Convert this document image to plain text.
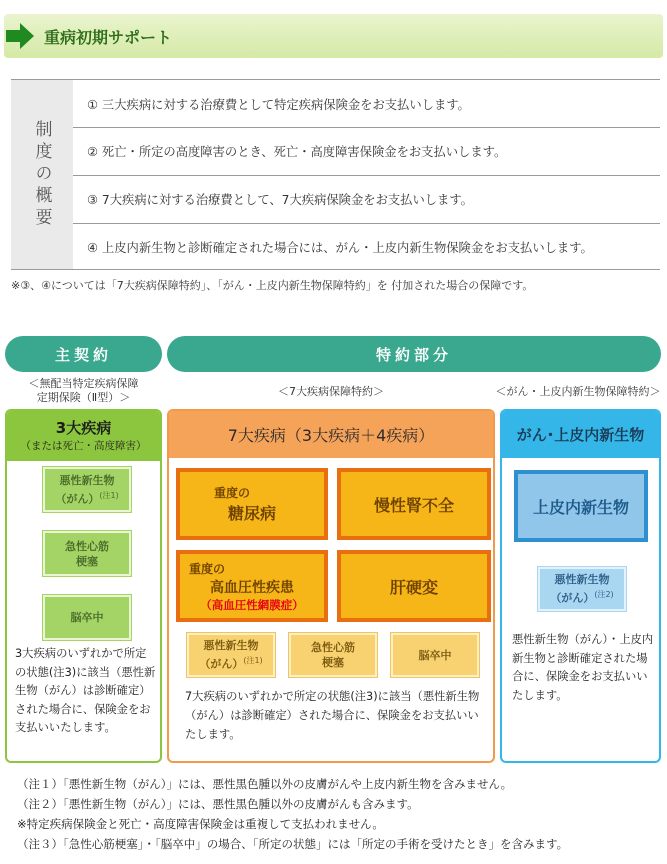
重病初期サポート
制度の概要
① 三大疾病に対する治療費として特定疾病保険金をお支払いします。
② 死亡・所定の高度障害のとき、死亡・高度障害保険金をお支払いします。
③ 7大疾病に対する治療費として、7大疾病保険金をお支払いします。
④ 上皮内新生物と診断確定された場合には、がん・上皮内新生物保険金をお支払いします。
※③、④については「7大疾病保障特約」、「がん・上皮内新生物保障特約」を 付加された場合の保障です。
主契約	特約部分
＜無配当特定疾病保障
定期保険（Ⅱ型）＞	＜7大疾病保障特約＞	＜がん・上皮内新生物保障特約＞
3大疾病
（または死亡・高度障害）
悪性新生物
（がん）$^{(注1)}$
急性心筋
梗塞
脳卒中
3大疾病のいずれかで所定の状態(注3)に該当（悪性新生物（がん）は診断確定）された場合に、保険金をお支払いいたします。
7大疾病（3大疾病＋4疾病）
重度の
糖尿病	慢性腎不全
重度の
高血圧性疾患
（高血圧性網膜症）
肝硬変
悪性新生物
（がん）$^{(注1)}$
急性心筋
梗塞
脳卒中
7大疾病のいずれかで所定の状態(注3)に該当（悪性新生物（がん）は診断確定）された場合に、保険金をお支払いいたします。
がん･上皮内新生物
上皮内新生物
悪性新生物
（がん）$^{(注2)}$
悪性新生物（がん）・上皮内新生物と診断確定された場合に、保険金をお支払いいたします。
（注１）「悪性新生物（がん）」には、悪性黒色腫以外の皮膚がんや上皮内新生物を含みません。
（注２）「悪性新生物（がん）」には、悪性黒色腫以外の皮膚がんも含みます。
※特定疾病保険金と死亡・高度障害保険金は重複して支払われません。
（注３）「急性心筋梗塞」・「脳卒中」の場合、「所定の状態」には「所定の手術を受けたとき」を含みます。
